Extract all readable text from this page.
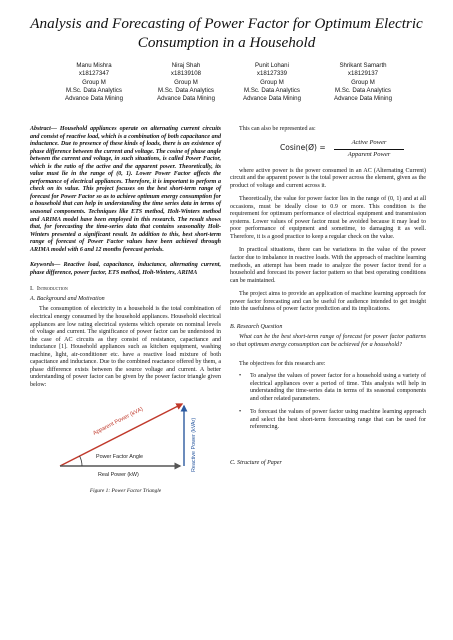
Analysis and Forecasting of Power Factor for Optimum Electric Consumption in a Household
Manu Mishra
x18127347
Group M
M.Sc. Data Analytics
Advance Data Mining
Niraj Shah
x18139108
Group M
M.Sc. Data Analytics
Advance Data Mining
Punit Lohani
x18127339
Group M
M.Sc. Data Analytics
Advance Data Mining
Shrikant Samarth
x18129137
Group M
M.Sc. Data Analytics
Advance Data Mining

Abstract— Household appliances operate on alternating current circuits and consist of reactive load, which is a combination of both capacitance and inductance. Due to presence of these kinds of loads, there is an existence of phase difference between the current and voltage. The cosine of phase angle between the current and voltage, in such situations, is called Power Factor, which is the ratio of the active and the apparent power. Theoretically, its value must lie in the range of (0, 1). Lower Power Factor affects the performance of electrical appliances. Therefore, it is important to perform a check on its value. This project focuses on the best short-term range of forecast for Power Factor so as to achieve optimum energy consumption for a household that can help in understanding the time series data in terms of seasonal components. Techniques like ETS method, Holt-Winters method and ARIMA model have been employed in this research. The result shows that, for forecasting the time-series data that contains seasonality Holt-Winters presented a significant result. In addition to this, best short-term range of forecast of Power Factor values have been achieved through ARIMA model with 6 and 12 months forecast periods.

Keywords— Reactive load, capacitance, inductance, alternating current, phase difference, power factor, ETS method, Holt-Winters, ARIMA

I. Introduction

A. Background and Motivation

The consumption of electricity in a household is the total combination of electrical energy consumed by the household appliances. Household electrical appliances are low rating electrical systems which operate on nominal levels of voltage and current. The significance of power factor can be understood in the case of AC circuits as they consist of resistance, capacitance and inductance [1]. Household appliances such as kitchen equipment, washing machine, light, air-conditioner etc. have a reactive load mixture of both capacitance and inductance. Due to the combined reactance offered by them, a phase difference exists between the source voltage and current. A better understanding of power factor can be given by the power factor triangle given below:

Apparent Power (kVA)	Reactive Power (kVAr)
Power Factor Angle
Real Power (kW)

Figure 1: Power Factor Triangle

This can also be represented as:

Cosine(Ø) =
Active Power
Apparent Power

where active power is the power consumed in an AC (Alternating Current) circuit and the apparent power is the total power across the element, given as the product of voltage and current across it.

Theoretically, the value for power factor lies in the range of (0, 1) and at all occasions, must be ideally close to 0.9 or more. This condition is the requirement for optimum performance of electrical equipment and transmission systems. Lower values of power factor must be avoided because it may lead to poor performance of equipment and sometime, to damaging it as well. Therefore, it is a good practice to keep a regular check on the value.

In practical situations, there can be variations in the value of the power factor due to imbalance in reactive loads. With the approach of machine learning methods, an attempt has been made to analyze the power factor trend for a household and forecast its power factor pattern so that best operating conditions can be maintained.

The project aims to provide an application of machine learning approach for power factor forecasting and can be useful for audience intended to get insight into the usefulness of power factor prediction and its implications.

B. Research Question

What can be the best short-term range of forecast for power factor patterns so that optimum energy consumption can be achieved for a household?

The objectives for this research are:

• To analyse the values of power factor for a household using a variety of electrical appliances over a period of time. This analysis will help in understanding the time-series data in terms of its seasonal components and other related parameters.
• To forecast the values of power factor using machine learning approach and select the best short-term forecasting range that can be used for referencing.

C. Structure of Paper
